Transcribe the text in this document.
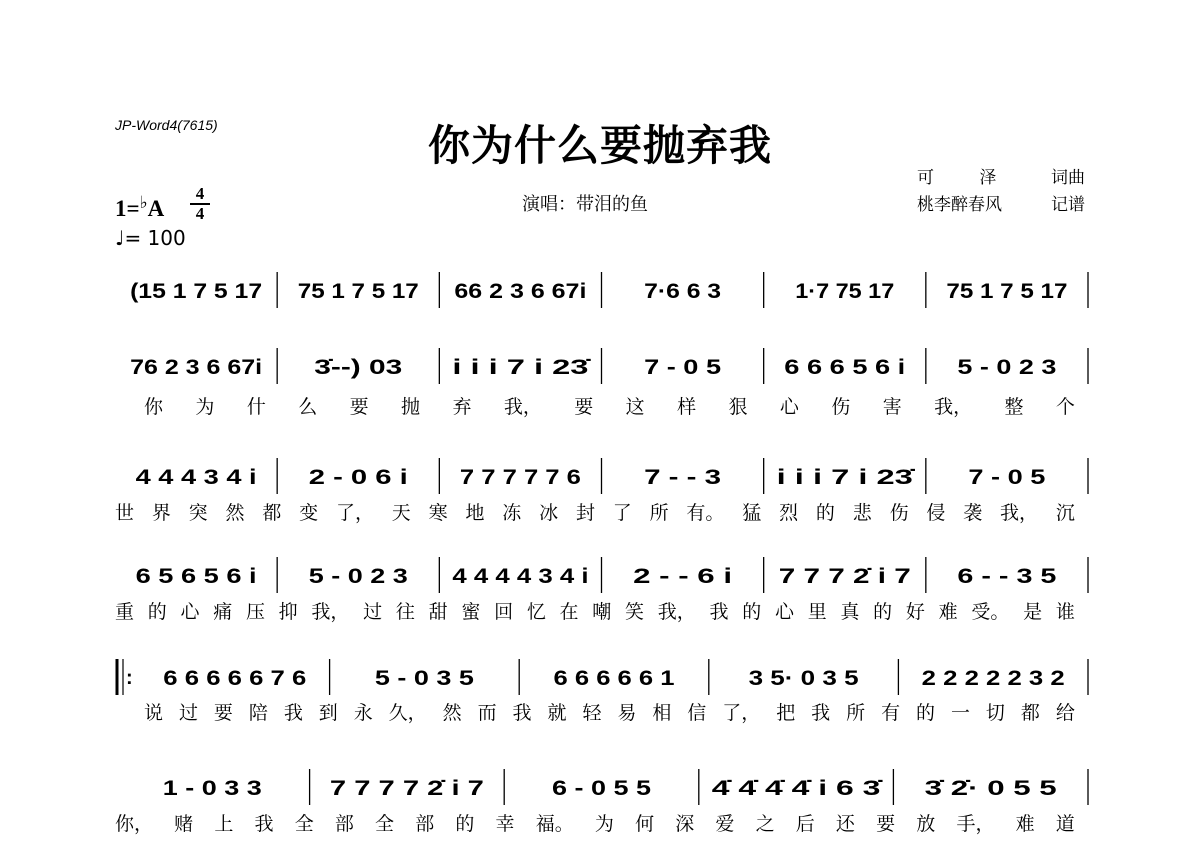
JP-Word4(7615)	你为什么要抛弃我
演唱：带泪的鱼
可 泽	词曲
桃李醉春风	记谱
1=♭A
4
4
♩= 100
(15 1 7 5 17 75 1 7 5 17 66 2 3 6 67i	7·6 6 3	1·7 75 17 75 1 7 5 17
76 2 3 6 67i 3̇--) 03 i i i 7 i 23̇ 7 - 0 5	6 6 6 5 6 i 5 - 0 2 3
4 4 4 3 4 i 2 - 0 6 i 7 7 7 7 7 6	7 - - 3	i i i 7 i 23̇ 7 - 0 5
6 5 6 5 6 i 5 - 0 2 3 4 4 4 4 3 4 i 2 - - 6 i 7 7 7 2̇ i 7 6 - - 3 5
: 6 6 6 6 6 7 6	5 - 0 3 5	6 6 6 6 6 1	3 5· 0 3 5	2 2 2 2 2 3 2
1 - 0 3 3	7 7 7 7 2̇ i 7	6 - 0 5 5	4̇ 4̇ 4̇ 4̇ i 6 3̇ 3̇ 2̇· 0 5 5
你 为 什 么 要 抛 弃 我， 要 这 样 狠 心 伤 害 我， 整 个
世 界 突 然 都 变 了， 天 寒 地 冻 冰 封 了 所 有。 猛 烈 的 悲 伤 侵 袭 我， 沉
重 的 心 痛 压 抑 我， 过 往 甜 蜜 回 忆 在 嘲 笑 我， 我 的 心 里 真 的 好 难 受。 是 谁
说 过 要 陪 我 到 永 久， 然 而 我 就 轻 易 相 信 了， 把 我 所 有 的 一 切 都 给
你， 赌 上 我 全 部 全 部 的 幸 福。 为 何 深 爱 之 后 还 要 放 手， 难 道
